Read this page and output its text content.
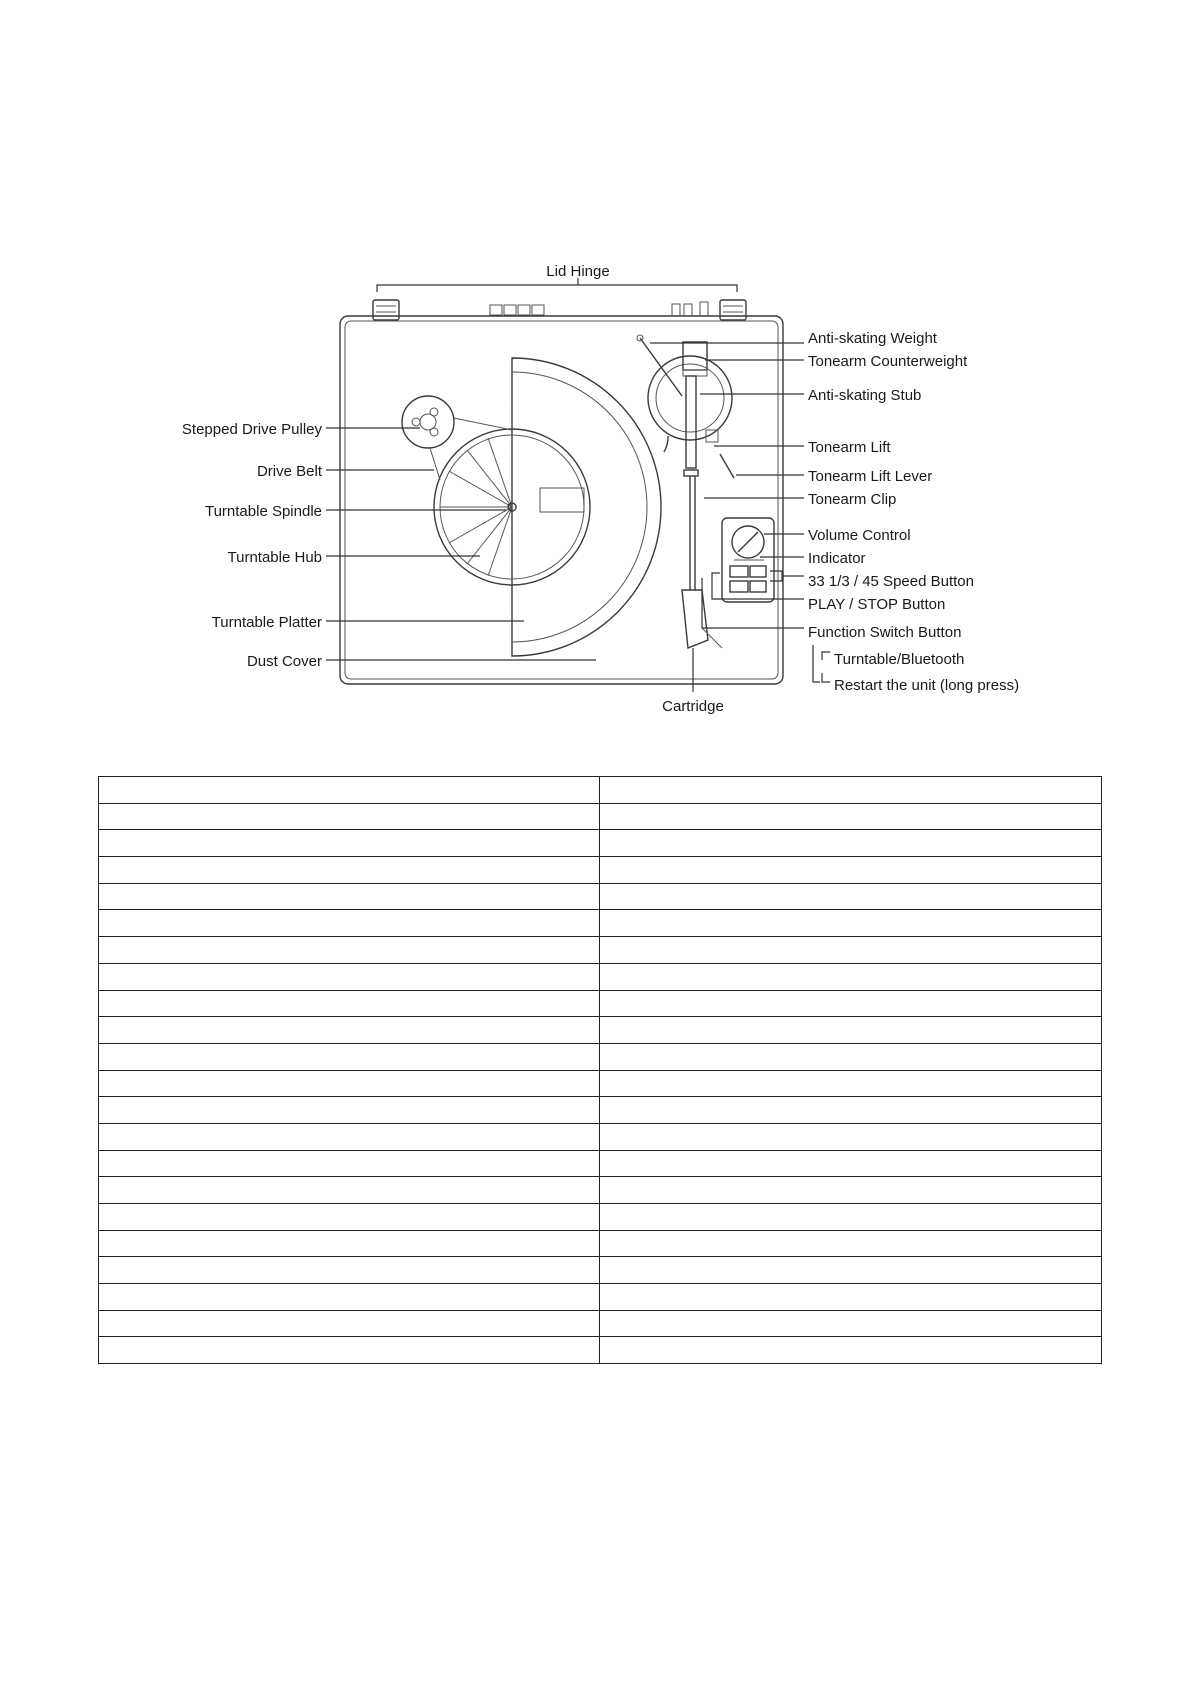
Lid Hinge
Anti-skating Weight
Tonearm Counterweight
Anti-skating Stub
Tonearm Lift
Tonearm Lift Lever
Tonearm Clip
Volume Control
Indicator
33 1/3 / 45 Speed Button
PLAY / STOP Button
Function Switch Button
Turntable/Bluetooth
Restart the unit (long press)
Cartridge
Stepped Drive Pulley
Drive Belt
Turntable Spindle
Turntable Hub
Turntable Platter
Dust Cover
